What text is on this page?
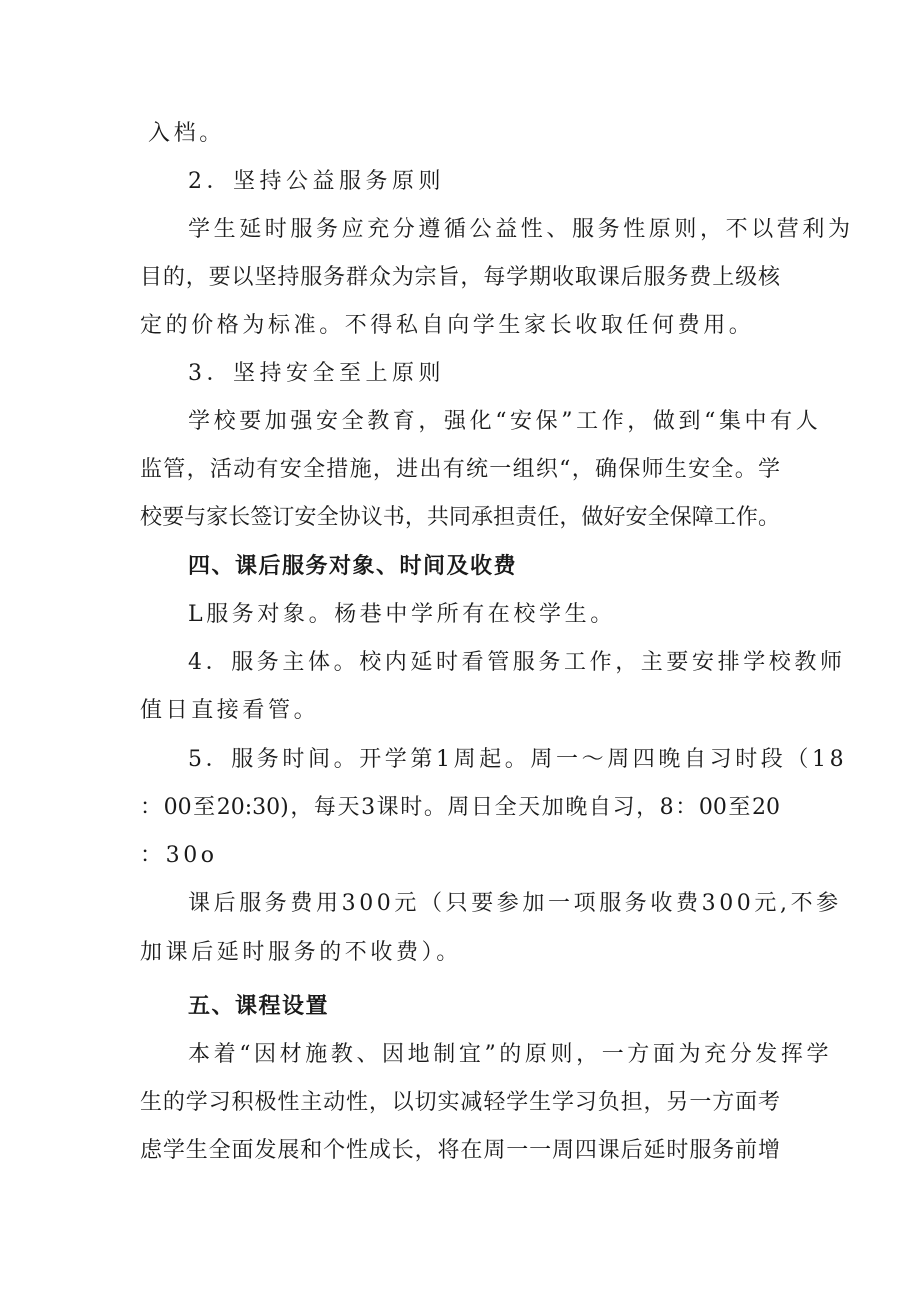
入档。
2．坚持公益服务原则
学生延时服务应充分遵循公益性、服务性原则，不以营利为
目的，要以坚持服务群众为宗旨，每学期收取课后服务费上级核
定的价格为标准。不得私自向学生家长收取任何费用。
3．坚持安全至上原则
学校要加强安全教育，强化“安保”工作，做到“集中有人
监管，活动有安全措施，进出有统一组织“，确保师生安全。学
校要与家长签订安全协议书，共同承担责任，做好安全保障工作。
四、课后服务对象、时间及收费
L服务对象。杨巷中学所有在校学生。
4．服务主体。校内延时看管服务工作，主要安排学校教师
值日直接看管。
5．服务时间。开学第1周起。周一～周四晚自习时段（18
：00至20:30)，每天3课时。周日全天加晚自习，8：00至20
：30o
课后服务费用300元（只要参加一项服务收费300元,不参
加课后延时服务的不收费）。
五、课程设置
本着“因材施教、因地制宜”的原则，一方面为充分发挥学
生的学习积极性主动性，以切实减轻学生学习负担，另一方面考
虑学生全面发展和个性成长，将在周一一周四课后延时服务前增
